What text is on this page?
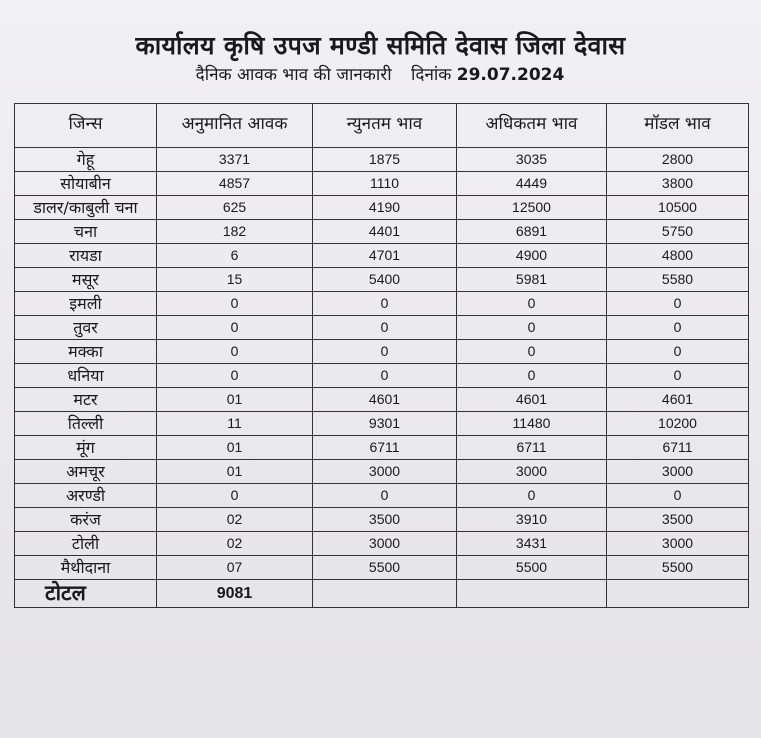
कार्यालय कृषि उपज मण्डी समिति देवास जिला देवास
दैनिक आवक भाव की जानकारी दिनांक 29.07.2024
जिन्स	अनुमानित आवक	न्युनतम भाव	अधिकतम भाव	मॉडल भाव
गेहू	3371	1875	3035	2800
सोयाबीन	4857	1110	4449	3800
डालर/काबुली चना	625	4190	12500	10500
चना	182	4401	6891	5750
रायडा	6	4701	4900	4800
मसूर	15	5400	5981	5580
इमली	0	0	0	0
तुवर	0	0	0	0
मक्का	0	0	0	0
धनिया	0	0	0	0
मटर	01	4601	4601	4601
तिल्ली	11	9301	11480	10200
मूंग	01	6711	6711	6711
अमचूर	01	3000	3000	3000
अरण्डी	0	0	0	0
करंज	02	3500	3910	3500
टोली	02	3000	3431	3000
मैथीदाना	07	5500	5500	5500
टोटल	9081			
